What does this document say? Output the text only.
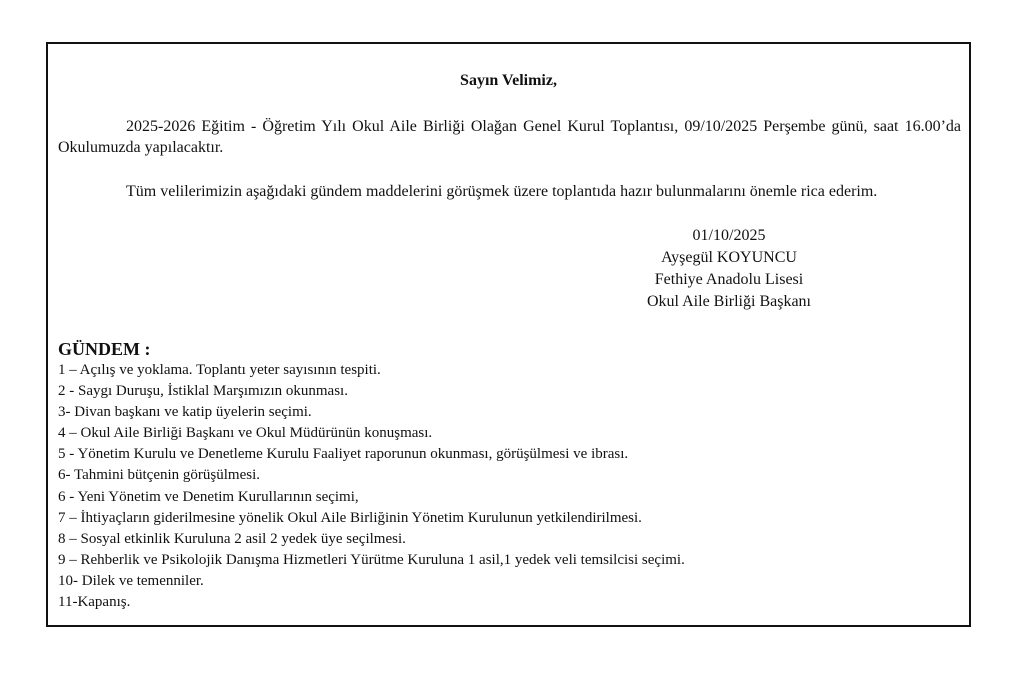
Sayın Velimiz,
2025-2026 Eğitim - Öğretim Yılı Okul Aile Birliği Olağan Genel Kurul Toplantısı, 09/10/2025 Perşembe günü, saat 16.00’da Okulumuzda yapılacaktır.
Tüm velilerimizin aşağıdaki gündem maddelerini görüşmek üzere toplantıda hazır bulunmalarını önemle rica ederim.
01/10/2025
Ayşegül KOYUNCU
Fethiye Anadolu Lisesi
Okul Aile Birliği Başkanı
GÜNDEM :
1 – Açılış ve yoklama. Toplantı yeter sayısının tespiti.
2 - Saygı Duruşu, İstiklal Marşımızın okunması.
3- Divan başkanı ve katip üyelerin seçimi.
4 – Okul Aile Birliği Başkanı ve Okul Müdürünün konuşması.
5 - Yönetim Kurulu ve Denetleme Kurulu Faaliyet raporunun okunması, görüşülmesi ve ibrası.
6- Tahmini bütçenin görüşülmesi.
6 - Yeni Yönetim ve Denetim Kurullarının seçimi,
7 – İhtiyaçların giderilmesine yönelik Okul Aile Birliğinin Yönetim Kurulunun yetkilendirilmesi.
8 – Sosyal etkinlik Kuruluna 2 asil 2 yedek üye seçilmesi.
9 – Rehberlik ve Psikolojik Danışma Hizmetleri Yürütme Kuruluna 1 asil,1 yedek veli temsilcisi seçimi.
10- Dilek ve temenniler.
11-Kapanış.
